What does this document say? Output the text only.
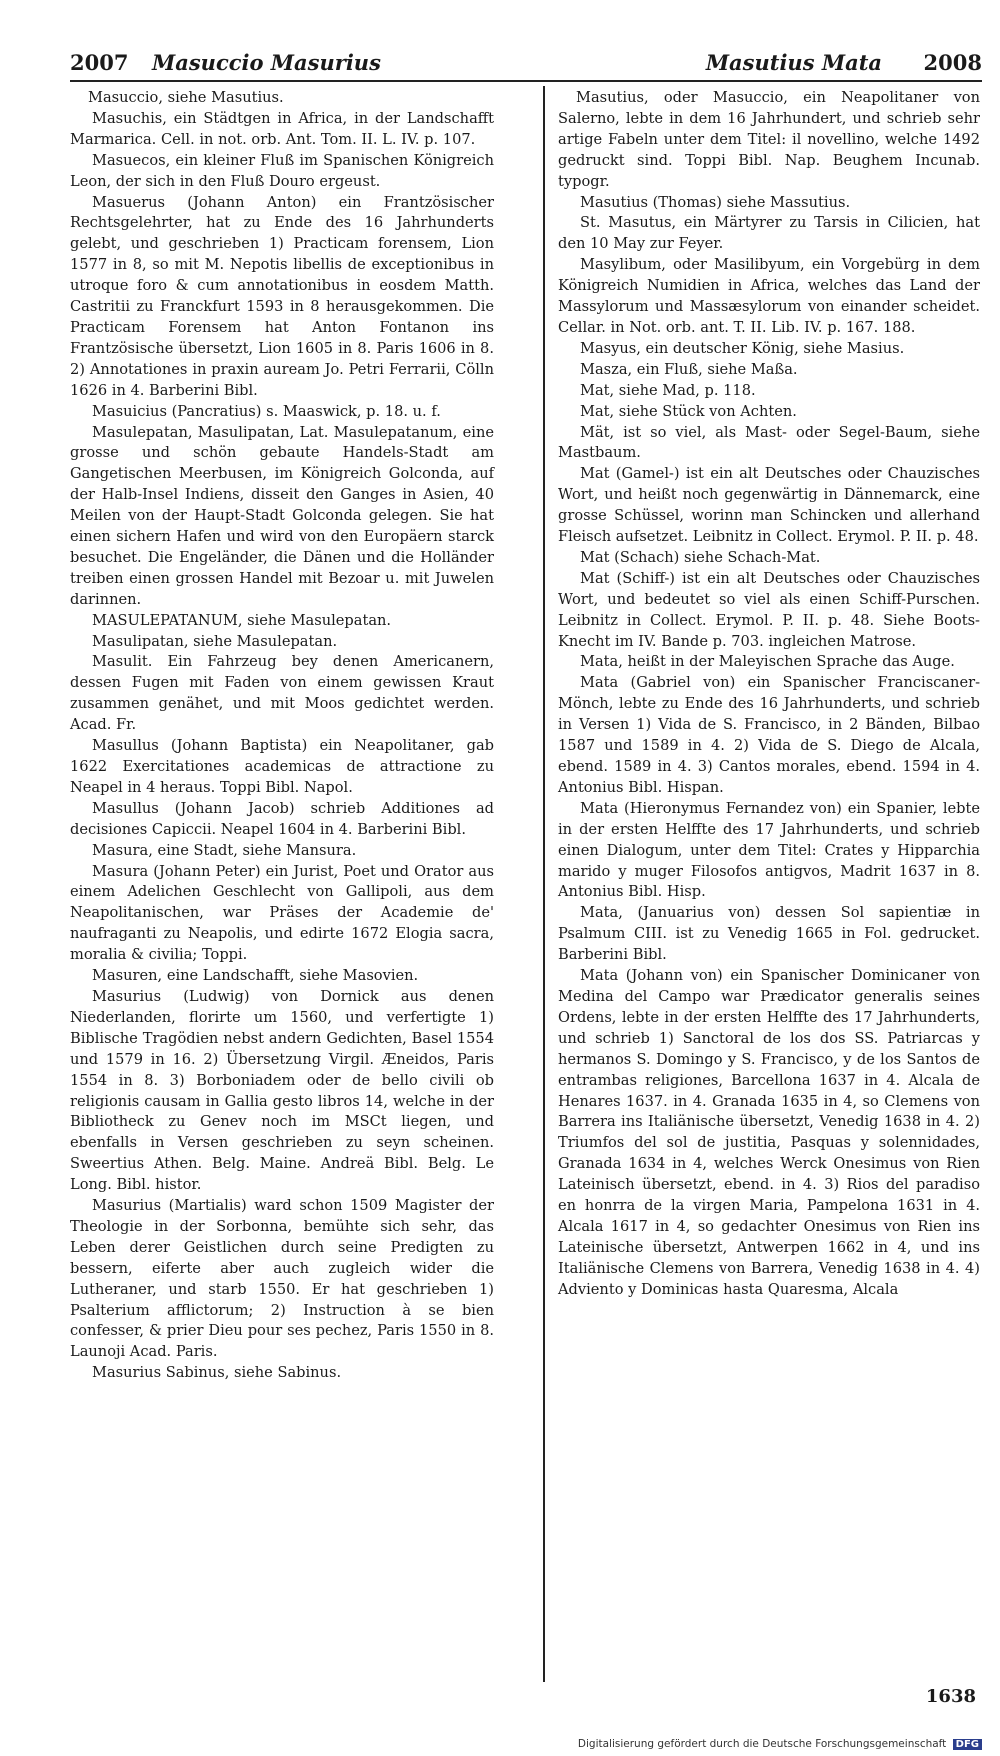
2007 Masuccio Masurius	Masutius Mata 2008

Masuccio, siehe Masutius.

Masuchis, ein Städtgen in Africa, in der Landschafft Marmarica. Cell. in not. orb. Ant. Tom. II. L. IV. p. 107.

Masuecos, ein kleiner Fluß im Spanischen Königreich Leon, der sich in den Fluß Douro ergeust.

Masuerus (Johann Anton) ein Frantzösischer Rechtsgelehrter, hat zu Ende des 16 Jahrhunderts gelebt, und geschrieben 1) Practicam forensem, Lion 1577 in 8, so mit M. Nepotis libellis de exceptionibus in utroque foro & cum annotationibus in eosdem Matth. Castritii zu Franckfurt 1593 in 8 herausgekommen. Die Practicam Forensem hat Anton Fontanon ins Frantzösische übersetzt, Lion 1605 in 8. Paris 1606 in 8. 2) Annotationes in praxin auream Jo. Petri Ferrarii, Cölln 1626 in 4. Barberini Bibl.

Masuicius (Pancratius) s. Maaswick, p. 18. u. f.

Masulepatan, Masulipatan, Lat. Masulepatanum, eine grosse und schön gebaute Handels-Stadt am Gangetischen Meerbusen, im Königreich Golconda, auf der Halb-Insel Indiens, disseit den Ganges in Asien, 40 Meilen von der Haupt-Stadt Golconda gelegen. Sie hat einen sichern Hafen und wird von den Europäern starck besuchet. Die Engeländer, die Dänen und die Holländer treiben einen grossen Handel mit Bezoar u. mit Juwelen darinnen.

MASULEPATANUM, siehe Masulepatan.

Masulipatan, siehe Masulepatan.

Masulit. Ein Fahrzeug bey denen Americanern, dessen Fugen mit Faden von einem gewissen Kraut zusammen genähet, und mit Moos gedichtet werden. Acad. Fr.

Masullus (Johann Baptista) ein Neapolitaner, gab 1622 Exercitationes academicas de attractione zu Neapel in 4 heraus. Toppi Bibl. Napol.

Masullus (Johann Jacob) schrieb Additiones ad decisiones Capiccii. Neapel 1604 in 4. Barberini Bibl.

Masura, eine Stadt, siehe Mansura.

Masura (Johann Peter) ein Jurist, Poet und Orator aus einem Adelichen Geschlecht von Gallipoli, aus dem Neapolitanischen, war Präses der Academie de' naufraganti zu Neapolis, und edirte 1672 Elogia sacra, moralia & civilia; Toppi.

Masuren, eine Landschafft, siehe Masovien.

Masurius (Ludwig) von Dornick aus denen Niederlanden, florirte um 1560, und verfertigte 1) Biblische Tragödien nebst andern Gedichten, Basel 1554 und 1579 in 16. 2) Übersetzung Virgil. Æneidos, Paris 1554 in 8. 3) Borboniadem oder de bello civili ob religionis causam in Gallia gesto libros 14, welche in der Bibliotheck zu Genev noch im MSCt liegen, und ebenfalls in Versen geschrieben zu seyn scheinen. Sweertius Athen. Belg. Maine. Andreä Bibl. Belg. Le Long. Bibl. histor.

Masurius (Martialis) ward schon 1509 Magister der Theologie in der Sorbonna, bemühte sich sehr, das Leben derer Geistlichen durch seine Predigten zu bessern, eiferte aber auch zugleich wider die Lutheraner, und starb 1550. Er hat geschrieben 1) Psalterium afflictorum; 2) Instruction à se bien confesser, & prier Dieu pour ses pechez, Paris 1550 in 8. Launoji Acad. Paris.

Masurius Sabinus, siehe Sabinus.

Masutius, oder Masuccio, ein Neapolitaner von Salerno, lebte in dem 16 Jahrhundert, und schrieb sehr artige Fabeln unter dem Titel: il novellino, welche 1492 gedruckt sind. Toppi Bibl. Nap. Beughem Incunab. typogr.

Masutius (Thomas) siehe Massutius.

St. Masutus, ein Märtyrer zu Tarsis in Cilicien, hat den 10 May zur Feyer.

Masylibum, oder Masilibyum, ein Vorgebürg in dem Königreich Numidien in Africa, welches das Land der Massylorum und Massæsylorum von einander scheidet. Cellar. in Not. orb. ant. T. II. Lib. IV. p. 167. 188.

Masyus, ein deutscher König, siehe Masius.

Masza, ein Fluß, siehe Maßa.

Mat, siehe Mad, p. 118.

Mat, siehe Stück von Achten.

Mät, ist so viel, als Mast- oder Segel-Baum, siehe Mastbaum.

Mat (Gamel-) ist ein alt Deutsches oder Chauzisches Wort, und heißt noch gegenwärtig in Dännemarck, eine grosse Schüssel, worinn man Schincken und allerhand Fleisch aufsetzet. Leibnitz in Collect. Erymol. P. II. p. 48.

Mat (Schach) siehe Schach-Mat.

Mat (Schiff-) ist ein alt Deutsches oder Chauzisches Wort, und bedeutet so viel als einen Schiff-Purschen. Leibnitz in Collect. Erymol. P. II. p. 48. Siehe Boots-Knecht im IV. Bande p. 703. ingleichen Matrose.

Mata, heißt in der Maleyischen Sprache das Auge.

Mata (Gabriel von) ein Spanischer Franciscaner-Mönch, lebte zu Ende des 16 Jahrhunderts, und schrieb in Versen 1) Vida de S. Francisco, in 2 Bänden, Bilbao 1587 und 1589 in 4. 2) Vida de S. Diego de Alcala, ebend. 1589 in 4. 3) Cantos morales, ebend. 1594 in 4. Antonius Bibl. Hispan.

Mata (Hieronymus Fernandez von) ein Spanier, lebte in der ersten Helffte des 17 Jahrhunderts, und schrieb einen Dialogum, unter dem Titel: Crates y Hipparchia marido y muger Filosofos antigvos, Madrit 1637 in 8. Antonius Bibl. Hisp.

Mata, (Januarius von) dessen Sol sapientiæ in Psalmum CIII. ist zu Venedig 1665 in Fol. gedrucket. Barberini Bibl.

Mata (Johann von) ein Spanischer Dominicaner von Medina del Campo war Prædicator generalis seines Ordens, lebte in der ersten Helffte des 17 Jahrhunderts, und schrieb 1) Sanctoral de los dos SS. Patriarcas y hermanos S. Domingo y S. Francisco, y de los Santos de entrambas religiones, Barcellona 1637 in 4. Alcala de Henares 1637. in 4. Granada 1635 in 4, so Clemens von Barrera ins Italiänische übersetzt, Venedig 1638 in 4. 2) Triumfos del sol de justitia, Pasquas y solennidades, Granada 1634 in 4, welches Werck Onesimus von Rien Lateinisch übersetzt, ebend. in 4. 3) Rios del paradiso en honrra de la virgen Maria, Pampelona 1631 in 4. Alcala 1617 in 4, so gedachter Onesimus von Rien ins Lateinische übersetzt, Antwerpen 1662 in 4, und ins Italiänische Clemens von Barrera, Venedig 1638 in 4. 4) Adviento y Dominicas hasta Quaresma, Alcala

1638
Digitalisierung gefördert durch die Deutsche Forschungsgemeinschaft DFG
